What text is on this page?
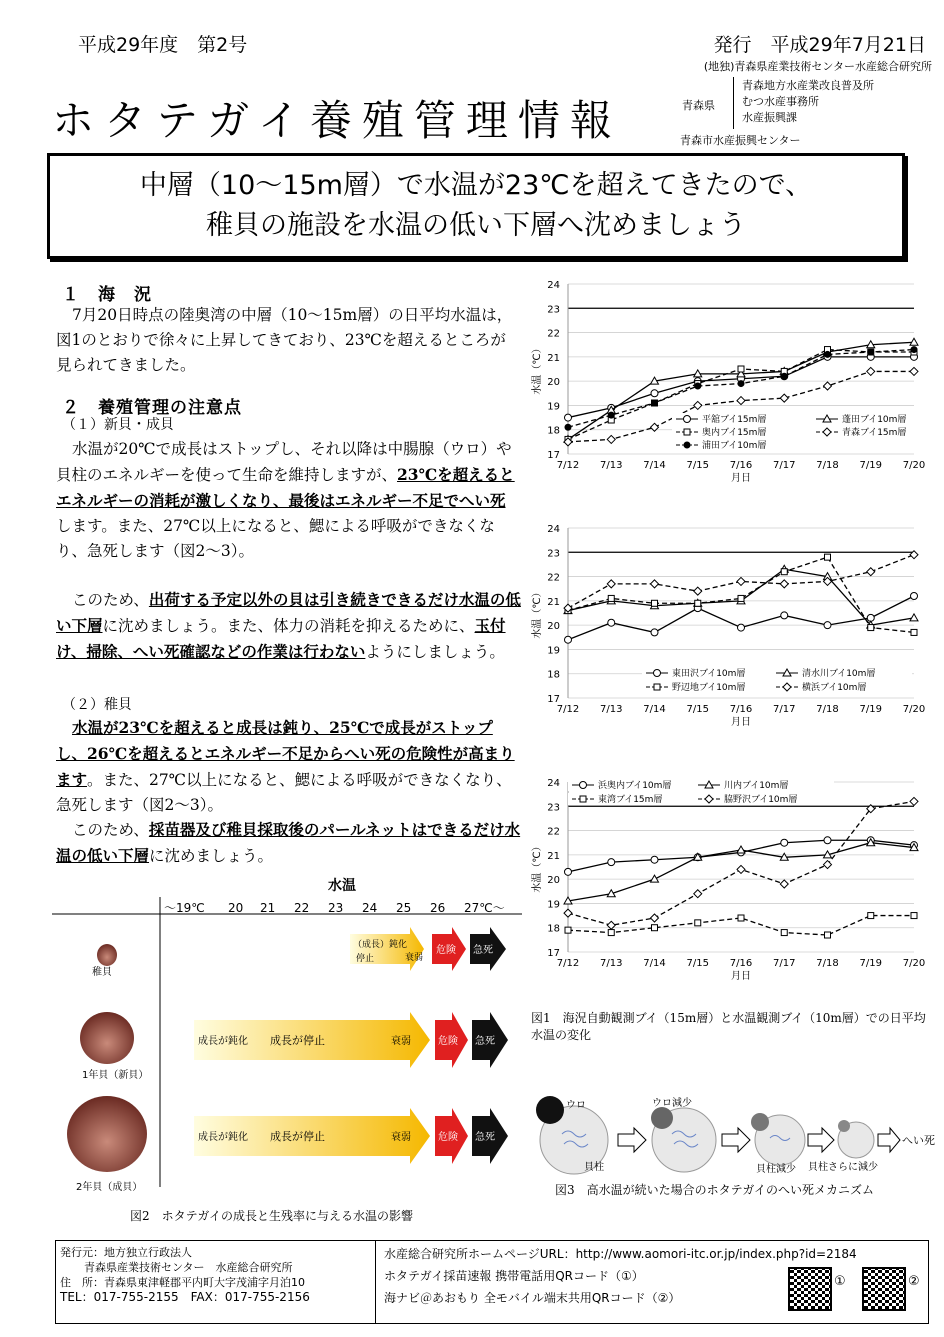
平成29年度　第2号	発行　平成29年7月21日
(地独)青森県産業技術センター水産総合研究所
ホタテガイ養殖管理情報	青森県
青森地方水産業改良普及所
むつ水産事務所
水産振興課
青森市水産振興センター
中層（10～15m層）で水温が23℃を超えてきたので、
稚貝の施設を水温の低い下層へ沈めましょう
１　海　況
7月20日時点の陸奥湾の中層（10～15m層）の日平均水温は，図1のとおりで徐々に上昇してきており、23℃を超えるところが見られてきました。
２　養殖管理の注意点
（１）新貝・成貝
水温が20℃で成長はストップし、それ以降は中腸腺（ウロ）や貝柱のエネルギーを使って生命を維持しますが、23℃を超えるとエネルギーの消耗が激しくなり、最後はエネルギー不足でへい死します。また、27℃以上になると、鰓による呼吸ができなくなり、急死します（図2～3）。
このため、出荷する予定以外の貝は引き続きできるだけ水温の低い下層に沈めましょう。また、体力の消耗を抑えるために、玉付け、掃除、へい死確認などの作業は行わないようにしましょう。
（２）稚貝
水温が23℃を超えると成長は鈍り、25℃で成長がストップし、26℃を超えるとエネルギー不足からへい死の危険性が高まります。また、27℃以上になると、鰓による呼吸ができなくなり、急死します（図2～3）。
このため、採苗器及び稚貝採取後のパールネットはできるだけ水温の低い下層に沈めましょう。
水温
～19℃ 20 21 22 23 24 25 26 27℃～
稚貝
（成長）鈍化
停止	衰弱
危険 急死
1年貝（新貝）
成長が鈍化 成長が停止	衰弱	危険 急死
2年貝（成貝）
成長が鈍化 成長が停止	衰弱	危険 急死
図2　ホタテガイの成長と生残率に与える水温の影響
17
18
19
20
21
22
23
24
7/12 7/13 7/14 7/15 7/16 7/17 7/18 7/19 7/20
月日
水温（℃）
平舘ブイ15m層	蓬田ブイ10m層
奥内ブイ15m層	青森ブイ15m層
浦田ブイ10m層
17
18
19
20
21
22
23
24
7/12 7/13 7/14 7/15 7/16 7/17 7/18 7/19 7/20
月日
水温（℃）
東田沢ブイ10m層	清水川ブイ10m層
野辺地ブイ10m層	横浜ブイ10m層
17
18
19
20
21
22
23
24
7/12 7/13 7/14 7/15 7/16 7/17 7/18 7/19 7/20
月日
水温（℃）
浜奥内ブイ10m層	川内ブイ10m層
東湾ブイ15m層	脇野沢ブイ10m層
図1　海況自動観測ブイ（15m層）と水温観測ブイ（10m層）での日平均水温の変化
ウロ
貝柱
ウロ減少
貝柱減少 貝柱さらに減少
へい死
図3　高水温が続いた場合のホタテガイのへい死メカニズム
発行元：地方独立行政法人
青森県産業技術センター　水産総合研究所
住　所：青森県東津軽郡平内町大字茂浦字月泊10
TEL：017-755-2155　FAX：017-755-2156
水産総合研究所ホームページURL：http://www.aomori-itc.or.jp/index.php?id=2184
ホタテガイ採苗速報 携帯電話用QRコード（①）
海ナビ＠あおもり 全モバイル端末共用QRコード（②）
①	②
